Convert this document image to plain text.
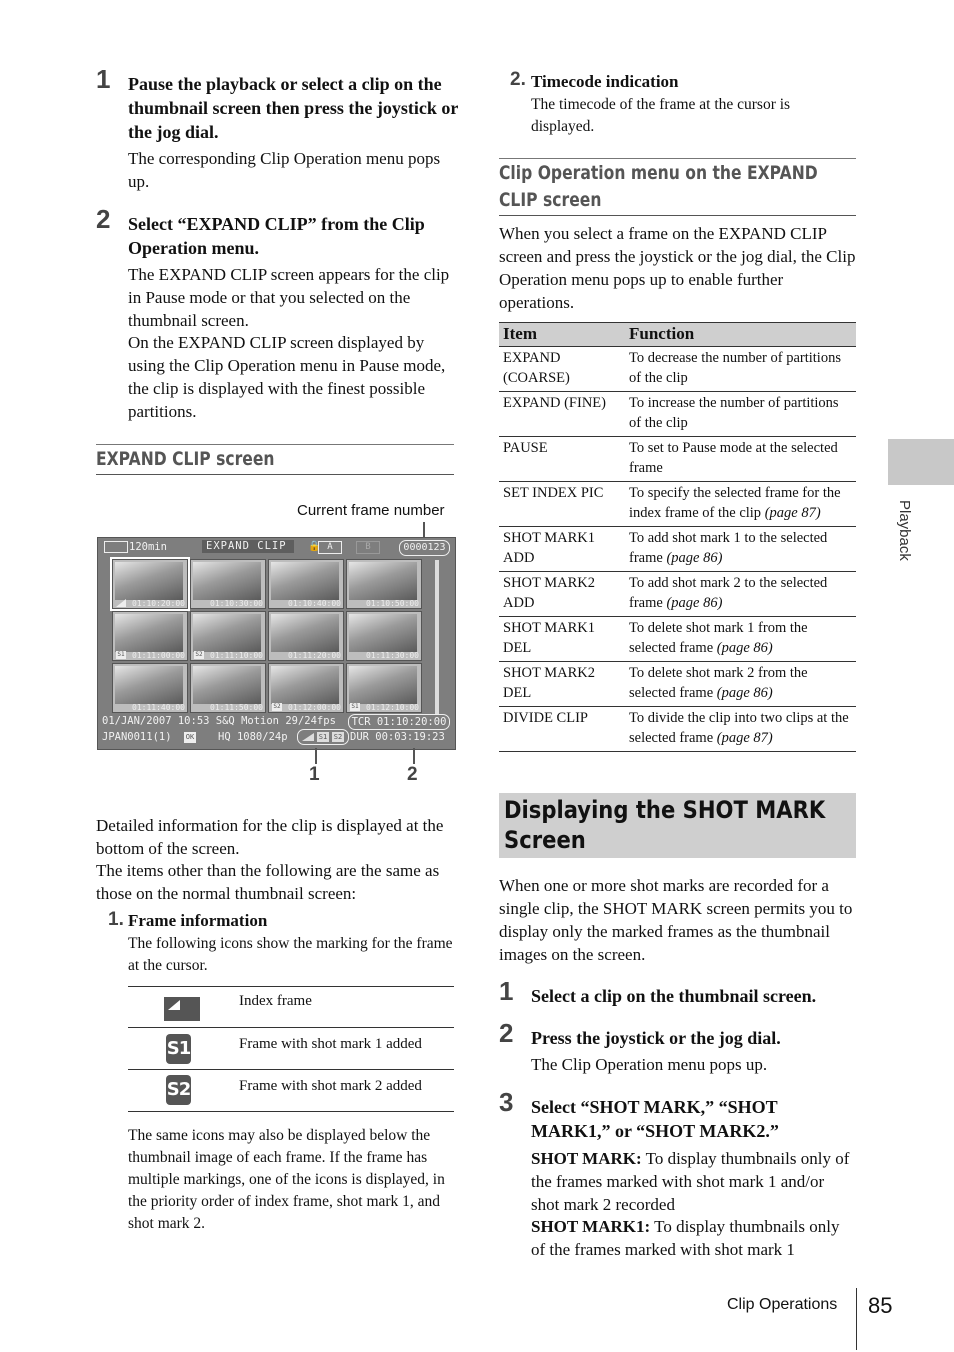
1 Pause the playback or select a clip on the thumbnail screen then press the joystick or the jog dial.
The corresponding Clip Operation menu pops up.
2 Select “EXPAND CLIP” from the Clip Operation menu.
The EXPAND CLIP screen appears for the clip in Pause mode or that you selected on the thumbnail screen.
On the EXPAND CLIP screen displayed by using the Clip Operation menu in Pause mode, the clip is displayed with the finest possible partitions.
EXPAND CLIP screen
Current frame number
120min	EXPAND CLIP	🔒 A	B	0000123
01:10:20:00	01:10:30:00	01:10:40:00	01:10:50:00
S1 01:11:00:00 S2 01:11:10:00	01:11:20:00	01:11:30:00
01:11:40:00	01:11:50:00 S2 01:12:00:00 S1 01:12:10:00
01/JAN/2007 10:53 S&Q Motion 29/24fps	TCR 01:10:20:00
JPAN0011(1) OK HQ 1080/24p	S1 S2 DUR 00:03:19:23
1	2
Detailed information for the clip is displayed at the bottom of the screen.
The items other than the following are the same as those on the normal thumbnail screen:
1. Frame information
The following icons show the marking for the frame at the cursor.
Index frame
S1	Frame with shot mark 1 added
S2	Frame with shot mark 2 added
The same icons may also be displayed below the thumbnail image of each frame. If the frame has multiple markings, one of the icons is displayed, in the priority order of index frame, shot mark 1, and shot mark 2.
2. Timecode indication
The timecode of the frame at the cursor is displayed.
Clip Operation menu on the EXPAND CLIP screen
When you select a frame on the EXPAND CLIP screen and press the joystick or the jog dial, the Clip Operation menu pops up to enable further operations.
Item	Function
EXPAND (COARSE)	To decrease the number of partitions of the clip
EXPAND (FINE)	To increase the number of partitions of the clip
PAUSE	To set to Pause mode at the selected frame
SET INDEX PIC	To specify the selected frame for the index frame of the clip (page 87)
SHOT MARK1 ADD	To add shot mark 1 to the selected frame (page 86)
SHOT MARK2 ADD	To add shot mark 2 to the selected frame (page 86)
SHOT MARK1 DEL	To delete shot mark 1 from the selected frame (page 86)
SHOT MARK2 DEL	To delete shot mark 2 from the selected frame (page 86)
DIVIDE CLIP	To divide the clip into two clips at the selected frame (page 87)
Displaying the SHOT MARK Screen
When one or more shot marks are recorded for a single clip, the SHOT MARK screen permits you to display only the marked frames as the thumbnail images on the screen.
1 Select a clip on the thumbnail screen.
2 Press the joystick or the jog dial.
The Clip Operation menu pops up.
3 Select “SHOT MARK,” “SHOT MARK1,” or “SHOT MARK2.”
SHOT MARK: To display thumbnails only of the frames marked with shot mark 1 and/or shot mark 2 recorded
SHOT MARK1: To display thumbnails only of the frames marked with shot mark 1
Playback
Clip Operations 85
